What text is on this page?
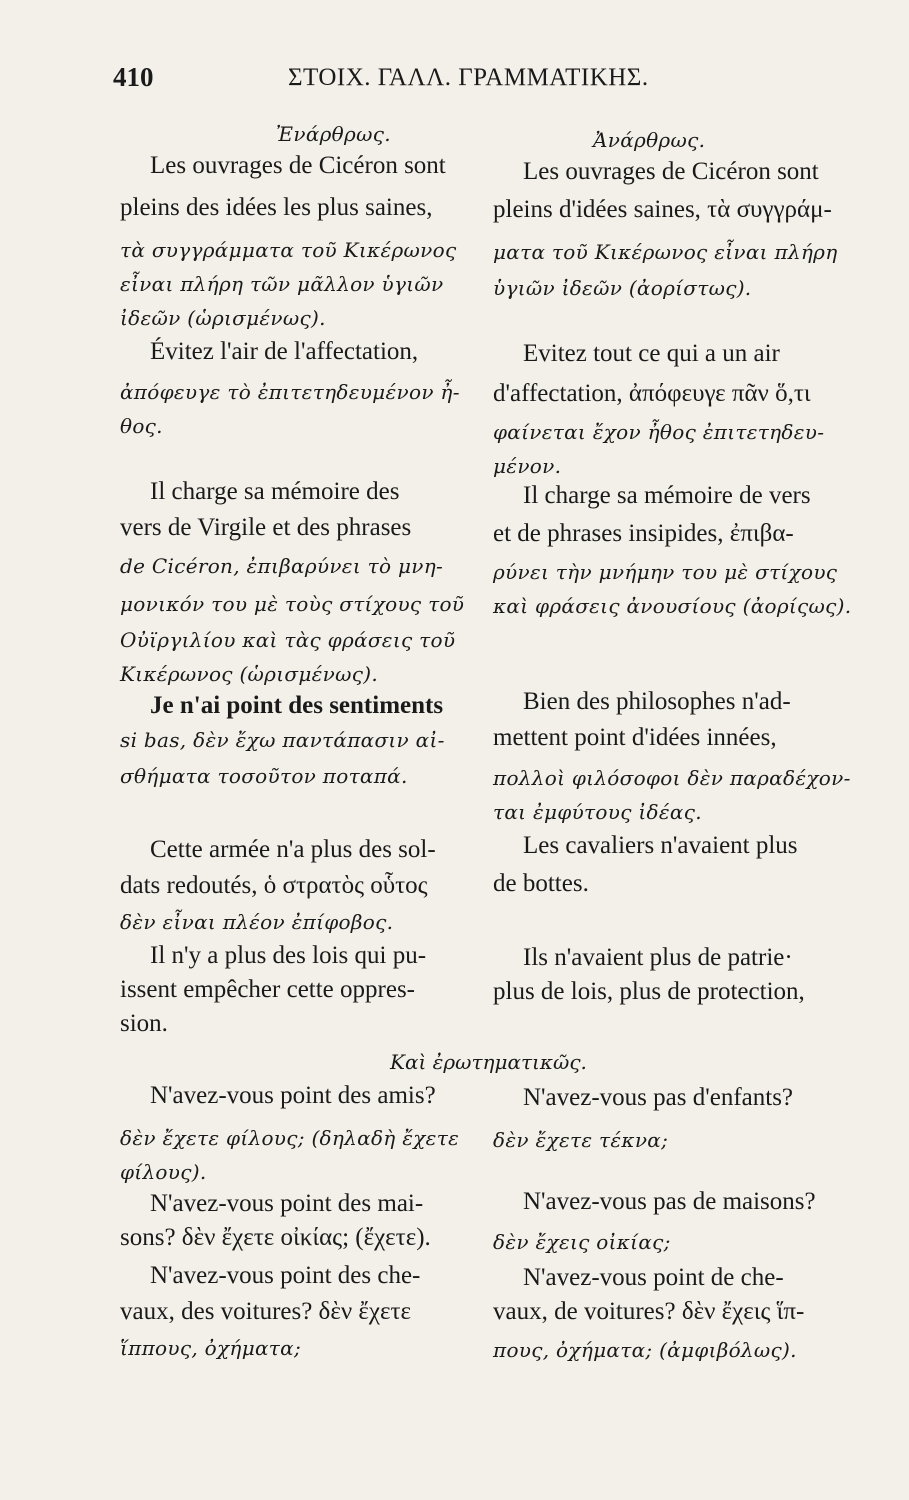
410	ΣΤΟΙΧ. ΓΑΛΛ. ΓΡΑΜΜΑΤΙΚΗΣ.
Ἐνάρθρως.	Ἀνάρθρως.
Les ouvrages de Cicéron sont
pleins des idées les plus saines,
τὰ συγγράμματα τοῦ Κικέρωνος
εἶναι πλήρη τῶν μᾶλλον ὑγιῶν
ἰδεῶν (ὡρισμένως).
Évitez l'air de l'affectation,
ἀπόφευγε τὸ ἐπιτετηδευμένον ἦ-
θος.
Il charge sa mémoire des
vers de Virgile et des phrases
de Cicéron, ἐπιβαρύνει τὸ μνη-
μονικόν του μὲ τοὺς στίχους τοῦ
Οὐϊργιλίου καὶ τὰς φράσεις τοῦ
Κικέρωνος (ὡρισμένως).
Je n'ai point des sentiments
si bas, δὲν ἔχω παντάπασιν αἰ-
σθήματα τοσοῦτον ποταπά.
Cette armée n'a plus des sol-
dats redoutés, ὁ στρατὸς οὗτος
δὲν εἶναι πλέον ἐπίφοβος.
Il n'y a plus des lois qui pu-
issent empêcher cette oppres-
sion.
Καὶ ἐρωτηματικῶς.
N'avez-vous point des amis?
δὲν ἔχετε φίλους; (δηλαδὴ ἔχετε
φίλους).
N'avez-vous point des mai-
sons? δὲν ἔχετε οἰκίας; (ἔχετε).
N'avez-vous point des che-
vaux, des voitures? δὲν ἔχετε
ἵππους, ὀχήματα;
Les ouvrages de Cicéron sont
pleins d'idées saines, τὰ συγγράμ-
ματα τοῦ Κικέρωνος εἶναι πλήρη
ὑγιῶν ἰδεῶν (ἀορίστως).
Evitez tout ce qui a un air
d'affectation, ἀπόφευγε πᾶν ὅ,τι
φαίνεται ἔχον ἦθος ἐπιτετηδευ-
μένον.
Il charge sa mémoire de vers
et de phrases insipides, ἐπιβα-
ρύνει τὴν μνήμην του μὲ στίχους
καὶ φράσεις ἀνουσίους (ἀορίςως).
Bien des philosophes n'ad-
mettent point d'idées innées,
πολλοὶ φιλόσοφοι δὲν παραδέχον-
ται ἐμφύτους ἰδέας.
Les cavaliers n'avaient plus
de bottes.
Ils n'avaient plus de patrie·
plus de lois, plus de protection,
N'avez-vous pas d'enfants?
δὲν ἔχετε τέκνα;
N'avez-vous pas de maisons?
δὲν ἔχεις οἰκίας;
N'avez-vous point de che-
vaux, de voitures? δὲν ἔχεις ἵπ-
πους, ὀχήματα; (ἀμφιβόλως).
